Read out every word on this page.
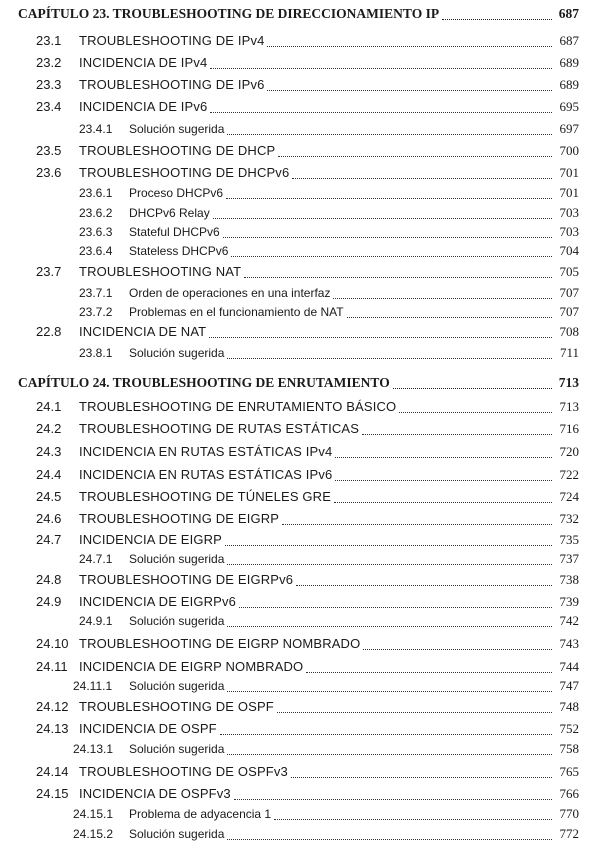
CAPÍTULO 23. TROUBLESHOOTING DE DIRECCIONAMIENTO IP	687
23.1	TROUBLESHOOTING DE IPv4	687
23.2	INCIDENCIA DE IPv4	689
23.3	TROUBLESHOOTING DE IPv6	689
23.4	INCIDENCIA DE IPv6	695
23.4.1	Solución sugerida	697
23.5	TROUBLESHOOTING DE DHCP	700
23.6	TROUBLESHOOTING DE DHCPv6	701
23.6.1	Proceso DHCPv6	701
23.6.2	DHCPv6 Relay	703
23.6.3	Stateful DHCPv6	703
23.6.4	Stateless DHCPv6	704
23.7	TROUBLESHOOTING NAT	705
23.7.1	Orden de operaciones en una interfaz	707
23.7.2	Problemas en el funcionamiento de NAT	707
22.8	INCIDENCIA DE NAT	708
23.8.1	Solución sugerida	711
CAPÍTULO 24. TROUBLESHOOTING DE ENRUTAMIENTO	713
24.1	TROUBLESHOOTING DE ENRUTAMIENTO BÁSICO	713
24.2	TROUBLESHOOTING DE RUTAS ESTÁTICAS	716
24.3	INCIDENCIA EN RUTAS ESTÁTICAS IPv4	720
24.4	INCIDENCIA EN RUTAS ESTÁTICAS IPv6	722
24.5	TROUBLESHOOTING DE TÚNELES GRE	724
24.6	TROUBLESHOOTING DE EIGRP	732
24.7	INCIDENCIA DE EIGRP	735
24.7.1	Solución sugerida	737
24.8	TROUBLESHOOTING DE EIGRPv6	738
24.9	INCIDENCIA DE EIGRPv6	739
24.9.1	Solución sugerida	742
24.10 TROUBLESHOOTING DE EIGRP NOMBRADO	743
24.11 INCIDENCIA DE EIGRP NOMBRADO	744
24.11.1	Solución sugerida	747
24.12 TROUBLESHOOTING DE OSPF	748
24.13 INCIDENCIA DE OSPF	752
24.13.1	Solución sugerida	758
24.14 TROUBLESHOOTING DE OSPFv3	765
24.15 INCIDENCIA DE OSPFv3	766
24.15.1	Problema de adyacencia 1	770
24.15.2	Solución sugerida	772
